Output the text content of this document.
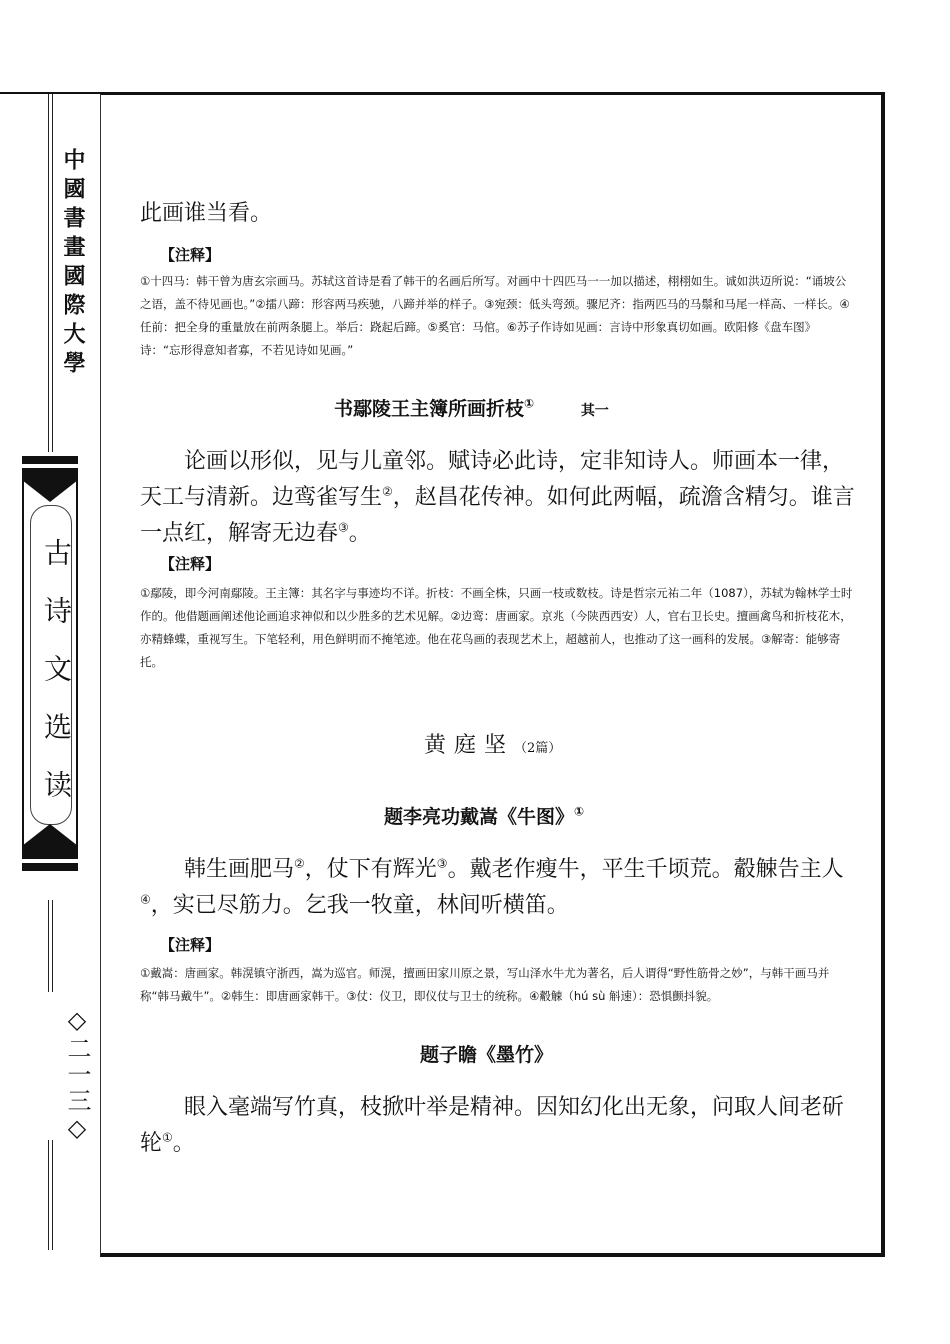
中國書畫國際大學
古诗文选读
◇二一三◇
此画谁当看。
【注释】
①十四马：韩干曾为唐玄宗画马。苏轼这首诗是看了韩干的名画后所写。对画中十四匹马一一加以描述，栩栩如生。诚如洪迈所说：“诵坡公之语，盖不待见画也。”②擂八蹄：形容两马疾驰，八蹄并举的样子。③宛颈：低头弯颈。骤尼齐：指两匹马的马鬃和马尾一样高、一样长。④任前：把全身的重量放在前两条腿上。举后：跷起后蹄。⑤奚官：马倌。⑥苏子作诗如见画：言诗中形象真切如画。欧阳修《盘车图》诗：“忘形得意知者寡，不若见诗如见画。”
书鄢陵王主簿所画折枝①	其一
论画以形似，见与儿童邻。赋诗必此诗，定非知诗人。师画本一律，天工与清新。边鸾雀写生②，赵昌花传神。如何此两幅，疏澹含精匀。谁言一点红，解寄无边春③。
【注释】
①鄢陵，即今河南鄢陵。王主簿：其名字与事迹均不详。折枝：不画全株，只画一枝或数枝。诗是哲宗元祐二年（1087），苏轼为翰林学士时作的。他借题画阐述他论画追求神似和以少胜多的艺术见解。②边鸾：唐画家。京兆（今陕西西安）人，官右卫长史。擅画禽鸟和折枝花木，亦精蜂蝶，重视写生。下笔轻利，用色鲜明而不掩笔迹。他在花鸟画的表现艺术上，超越前人，也推动了这一画科的发展。③解寄：能够寄托。
黄庭坚（2篇）
题李亮功戴嵩《牛图》①
韩生画肥马②，仗下有辉光③。戴老作瘦牛，平生千顷荒。觳觫告主人④，实已尽筋力。乞我一牧童，林间听横笛。
【注释】
①戴嵩：唐画家。韩滉镇守浙西，嵩为巡官。师滉，擅画田家川原之景，写山泽水牛尤为著名，后人谓得“野性筋骨之妙”，与韩干画马并称“韩马戴牛”。②韩生：即唐画家韩干。③仗：仪卫，即仪仗与卫士的统称。④觳觫（hú sù 斛速）：恐惧颤抖貌。
题子瞻《墨竹》
眼入毫端写竹真，枝掀叶举是精神。因知幻化出无象，问取人间老斫轮①。
